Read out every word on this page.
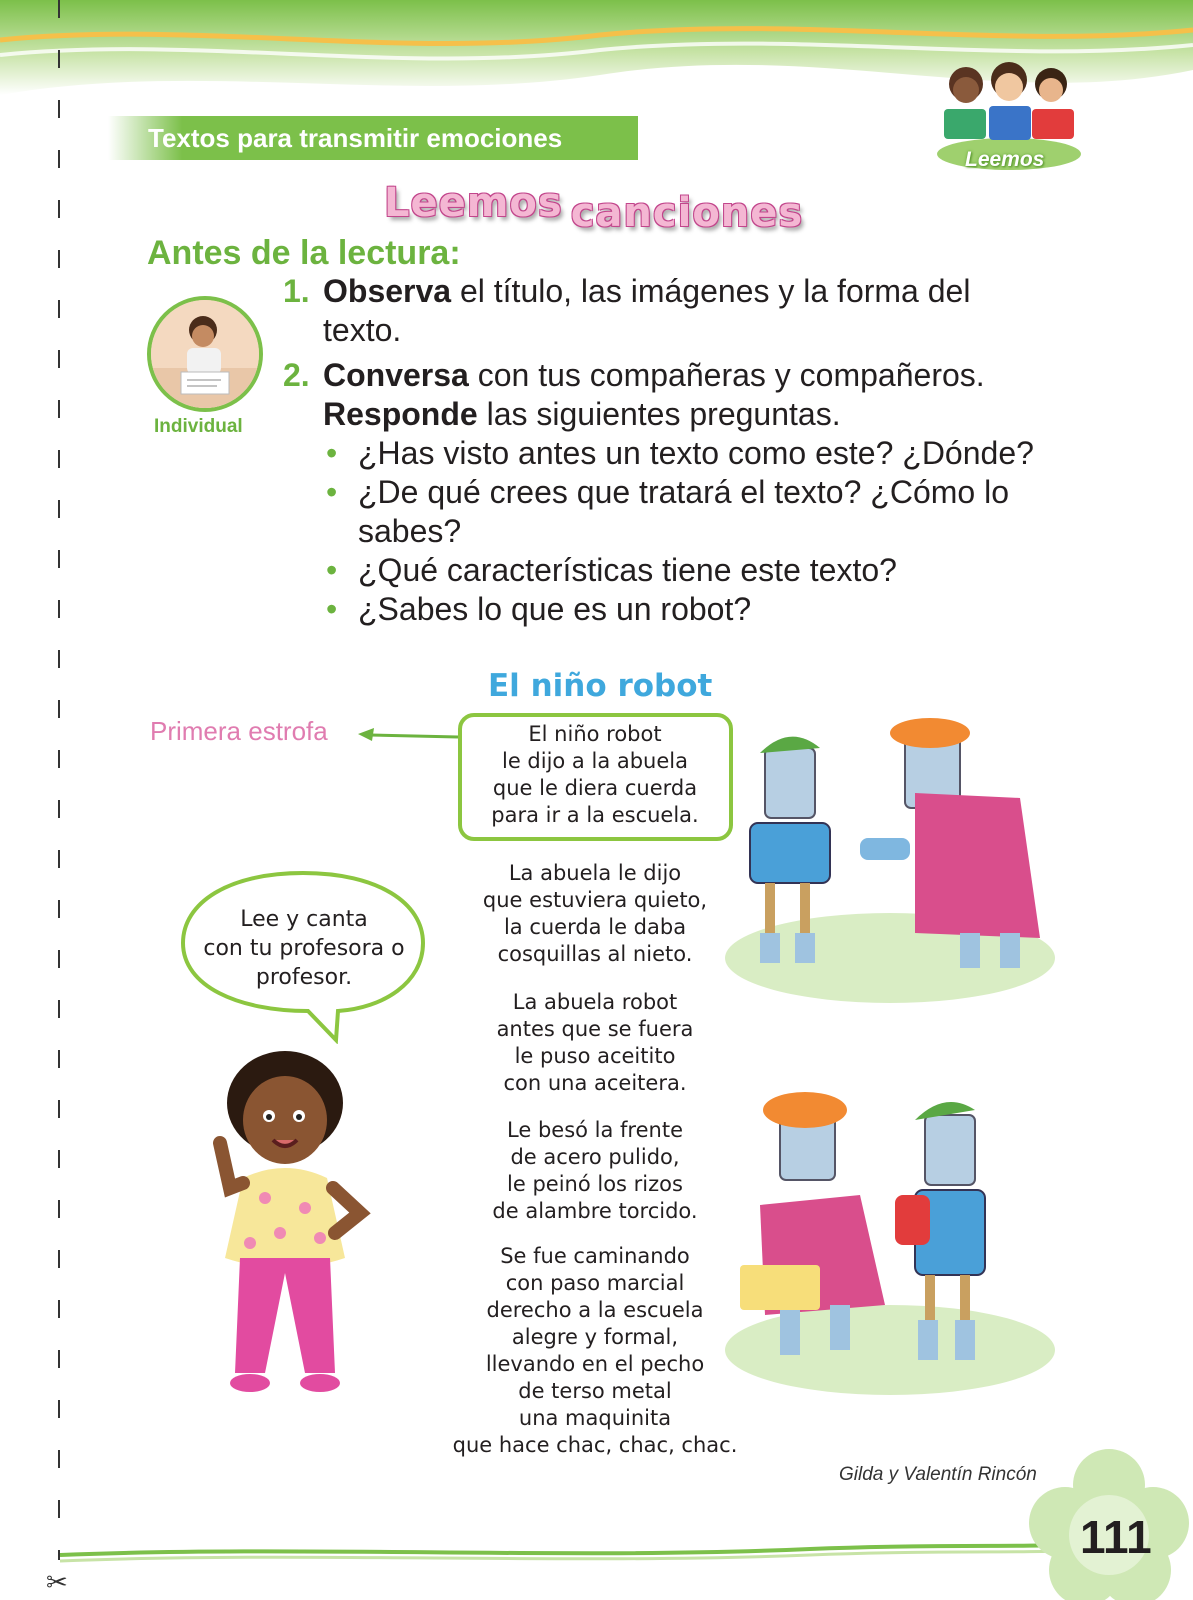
✂
Textos para transmitir emociones
Leemos
Leemos canciones
Antes de la lectura:
Individual
1. Observa el título, las imágenes y la forma del
texto.
2. Conversa con tus compañeras y compañeros.
Responde las siguientes preguntas.
• ¿Has visto antes un texto como este? ¿Dónde?
• ¿De qué crees que tratará el texto? ¿Cómo lo
sabes?
• ¿Qué características tiene este texto?
• ¿Sabes lo que es un robot?
El niño robot
Primera estrofa	El niño robot
le dijo a la abuela
que le diera cuerda
para ir a la escuela.
La abuela le dijo
que estuviera quieto,
la cuerda le daba
cosquillas al nieto.
La abuela robot
antes que se fuera
le puso aceitito
con una aceitera.
Le besó la frente
de acero pulido,
le peinó los rizos
de alambre torcido.
Se fue caminando
con paso marcial
derecho a la escuela
alegre y formal,
llevando en el pecho
de terso metal
una maquinita
que hace chac, chac, chac.
Lee y canta
con tu profesora o
profesor.
Gilda y Valentín Rincón
111
